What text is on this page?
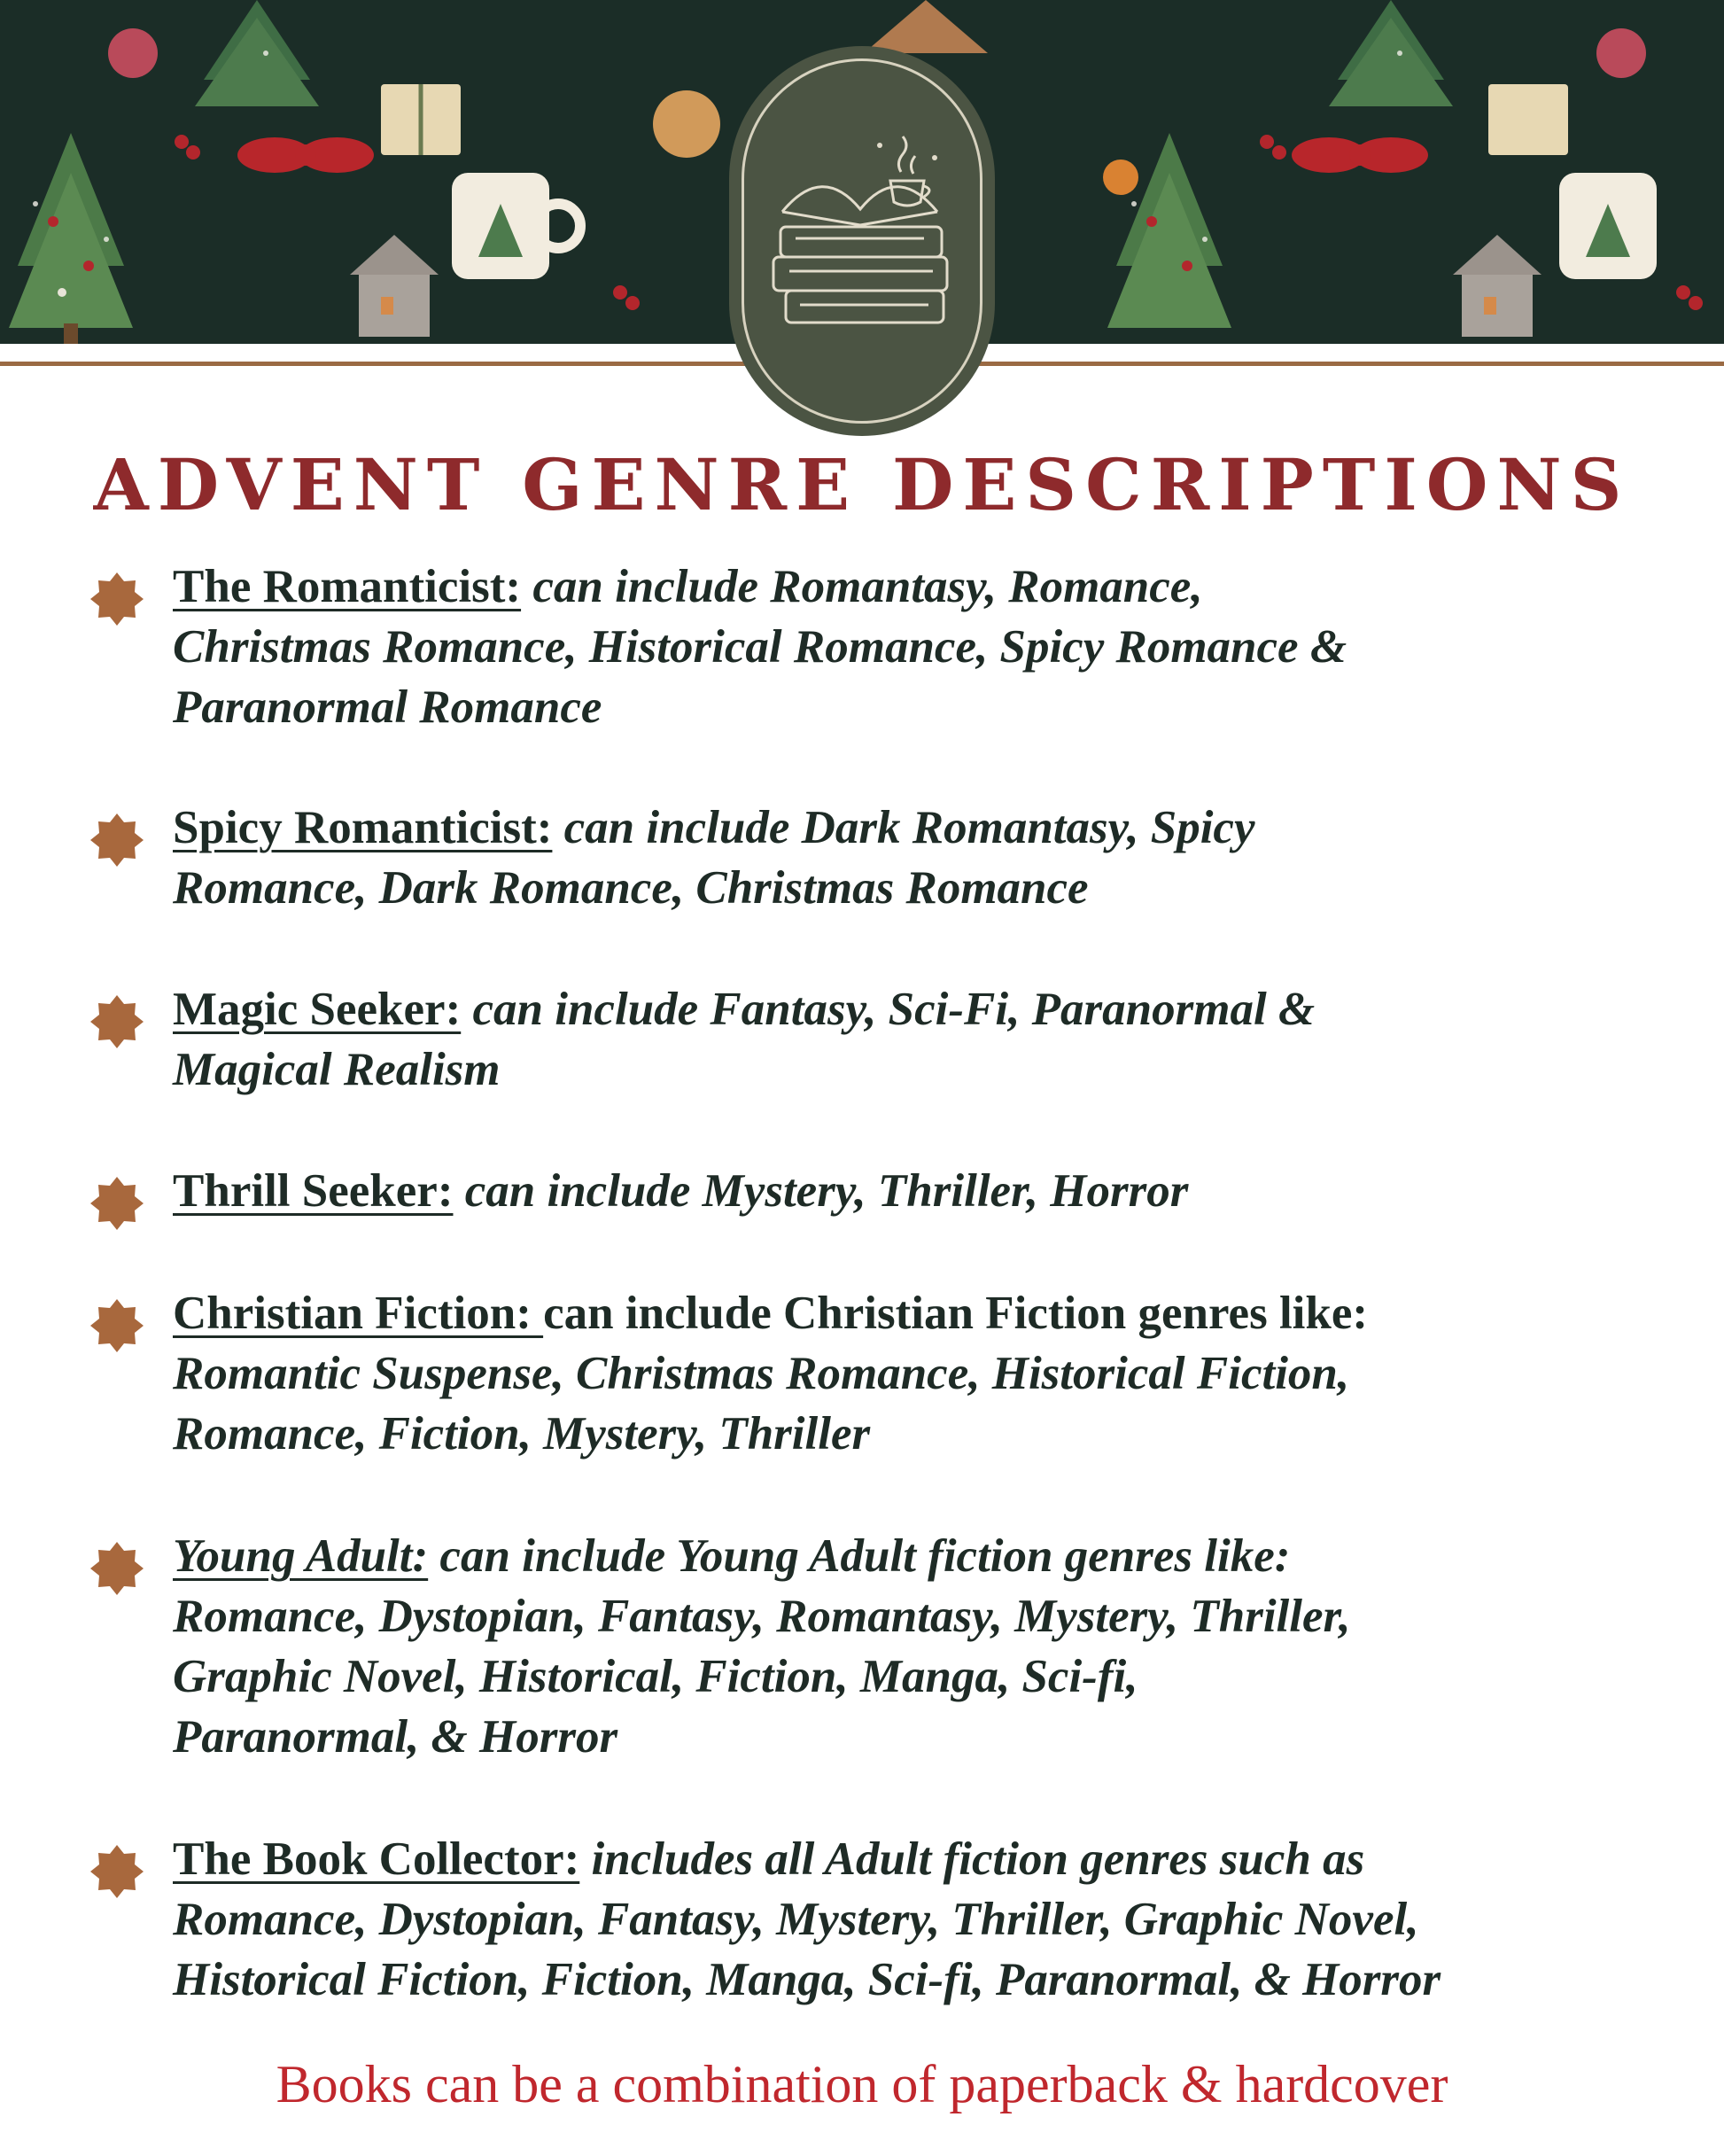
ADVENT GENRE DESCRIPTIONS
The Romanticist: can include Romantasy, Romance,
Christmas Romance, Historical Romance, Spicy Romance &
Paranormal Romance
Spicy Romanticist: can include Dark Romantasy, Spicy
Romance, Dark Romance, Christmas Romance
Magic Seeker: can include Fantasy, Sci-Fi, Paranormal &
Magical Realism
Thrill Seeker: can include Mystery, Thriller, Horror
Christian Fiction: can include Christian Fiction genres like:
Romantic Suspense, Christmas Romance, Historical Fiction,
Romance, Fiction, Mystery, Thriller
Young Adult: can include Young Adult fiction genres like:
Romance, Dystopian, Fantasy, Romantasy, Mystery, Thriller,
Graphic Novel, Historical, Fiction, Manga, Sci-fi,
Paranormal, & Horror
The Book Collector: includes all Adult fiction genres such as
Romance, Dystopian, Fantasy, Mystery, Thriller, Graphic Novel,
Historical Fiction, Fiction, Manga, Sci-fi, Paranormal, & Horror
Books can be a combination of paperback & hardcover
